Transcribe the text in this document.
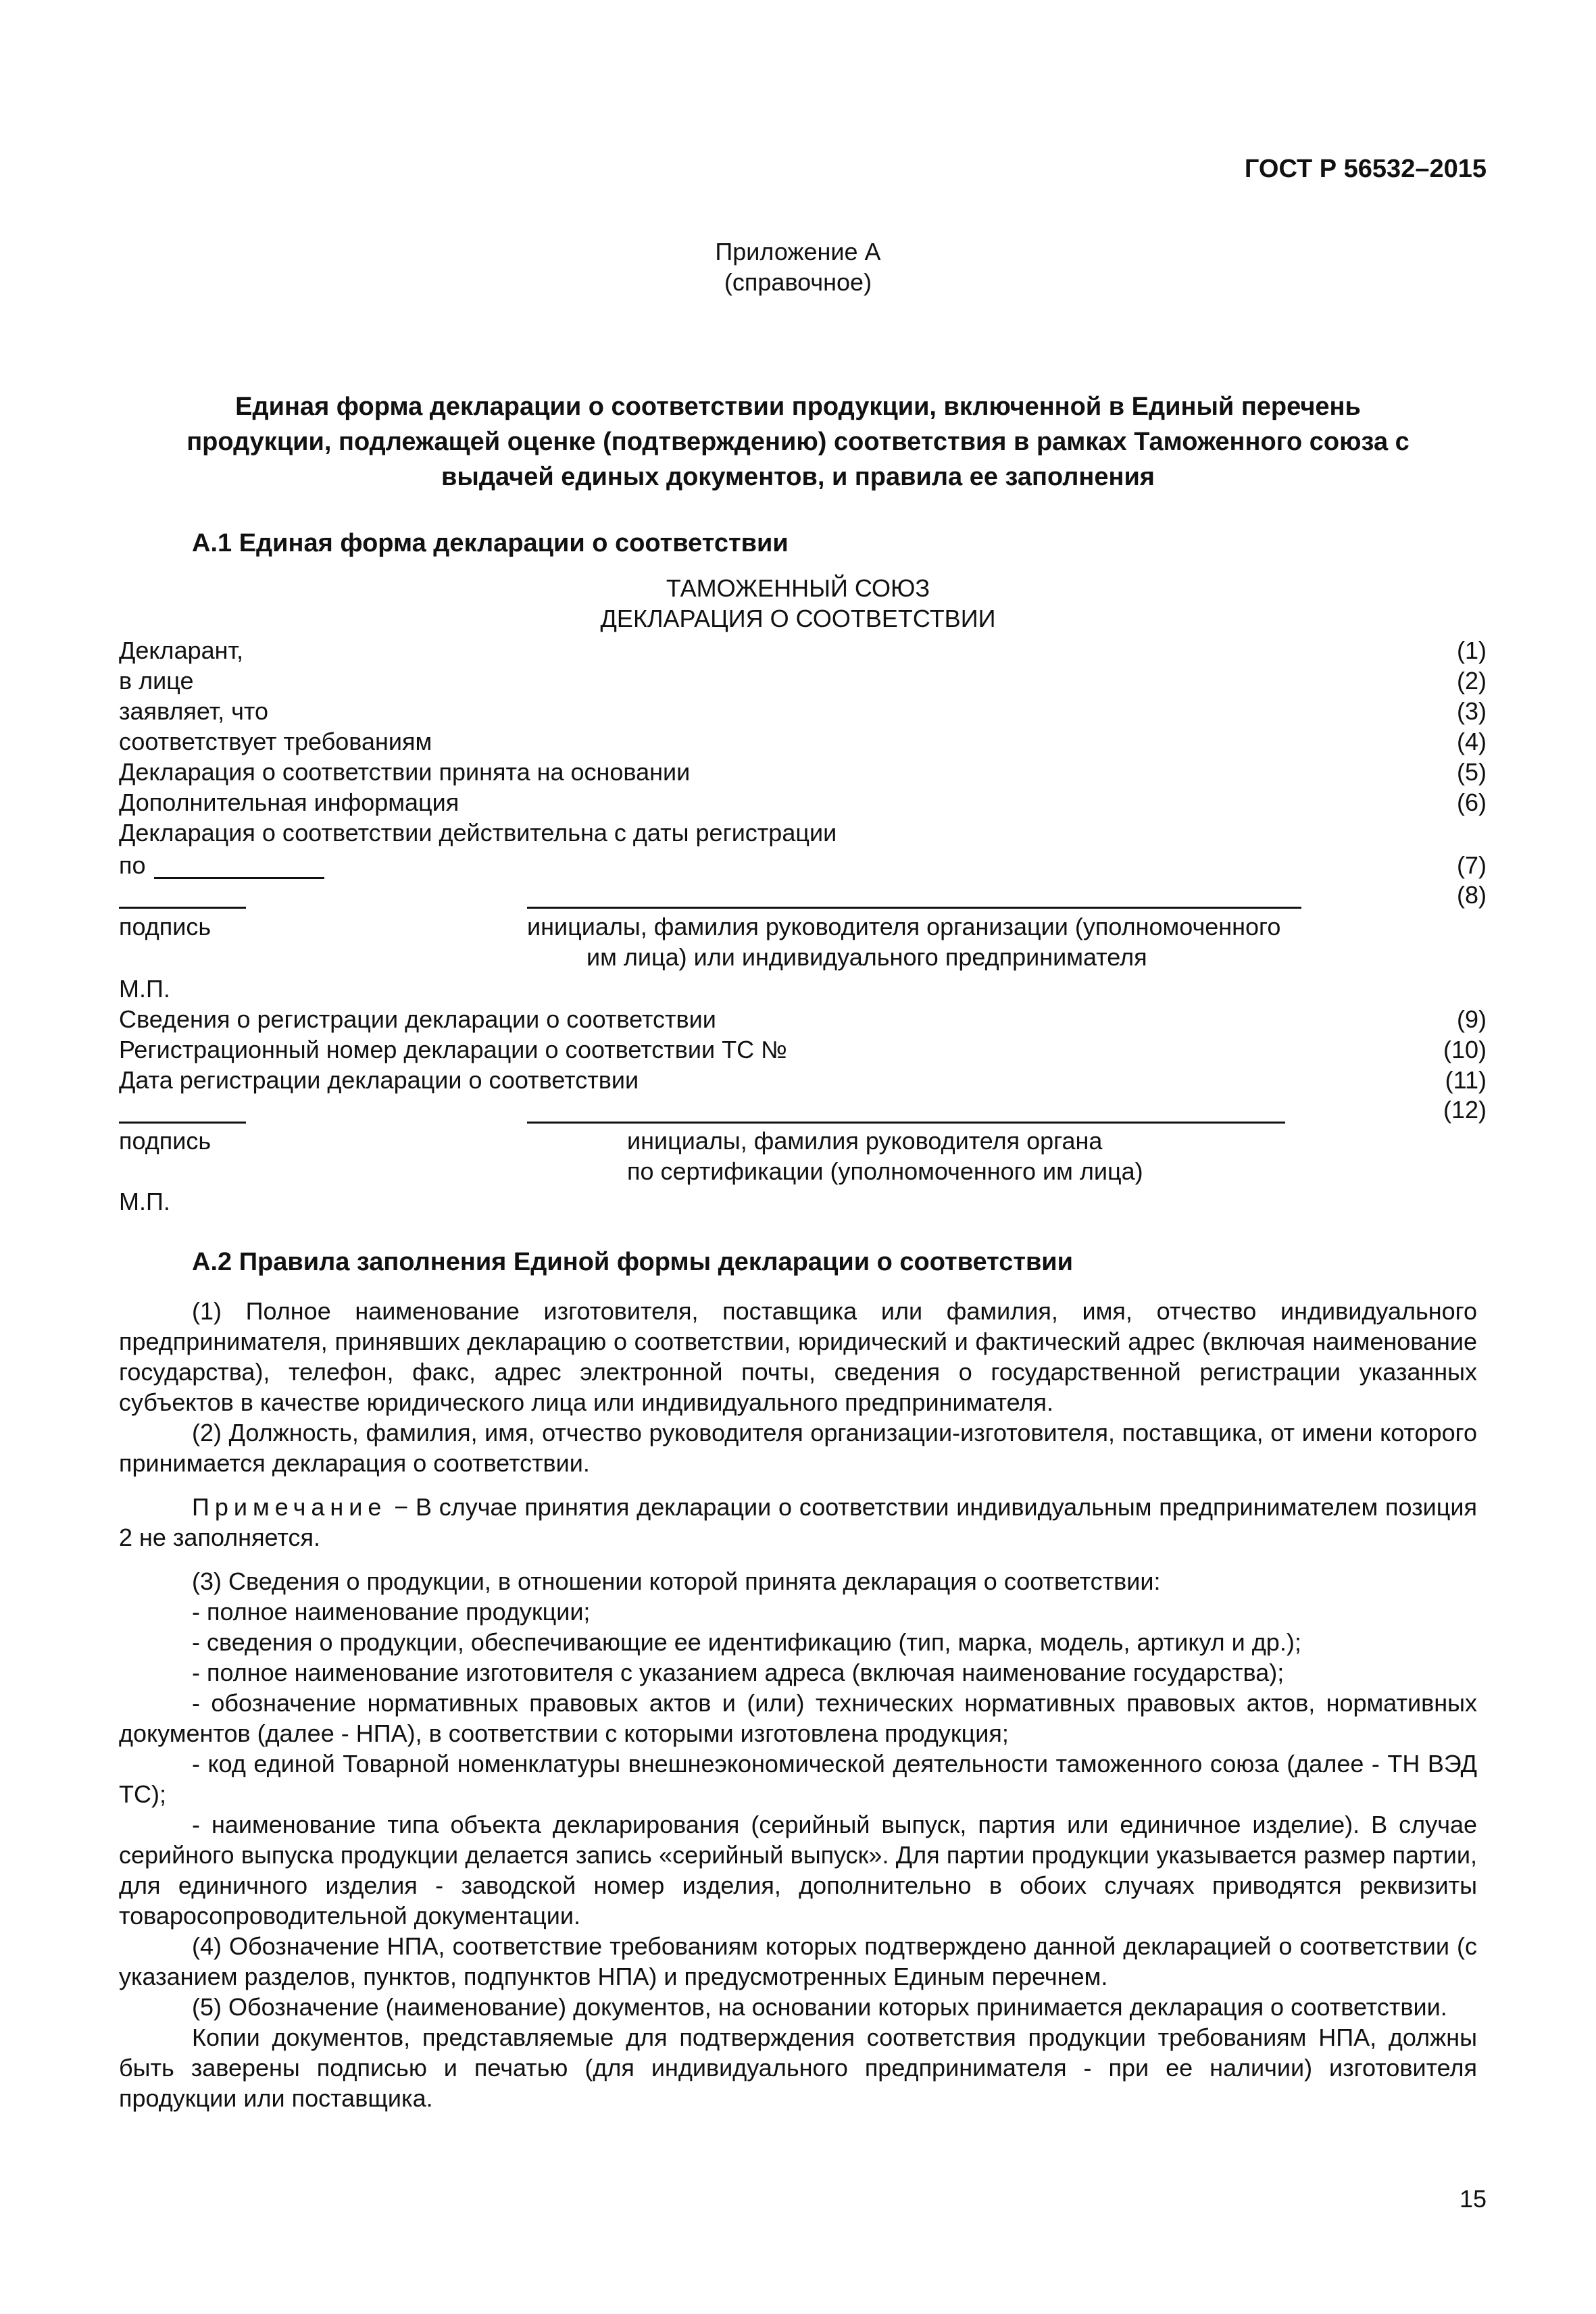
ГОСТ Р 56532–2015
Приложение А
(справочное)
Единая форма декларации о соответствии продукции, включенной в Единый перечень
продукции, подлежащей оценке (подтверждению) соответствия в рамках Таможенного союза с
выдачей единых документов, и правила ее заполнения
А.1 Единая форма декларации о соответствии
ТАМОЖЕННЫЙ СОЮЗ
ДЕКЛАРАЦИЯ О СООТВЕТСТВИИ
Декларант,	(1)
в лице	(2)
заявляет, что	(3)
соответствует требованиям	(4)
Декларация о соответствии принята на основании	(5)
Дополнительная информация	(6)
Декларация о соответствии действительна с даты регистрации
по	(7)
(8)
подпись	инициалы, фамилия руководителя организации (уполномоченного
им лица) или индивидуального предпринимателя
М.П.
Сведения о регистрации декларации о соответствии	(9)
Регистрационный номер декларации о соответствии ТС №	(10)
Дата регистрации декларации о соответствии	(11)
(12)
подпись	инициалы, фамилия руководителя органа
по сертификации (уполномоченного им лица)
М.П.
А.2 Правила заполнения Единой формы декларации о соответствии

(1) Полное наименование изготовителя, поставщика или фамилия, имя, отчество индивидуального предпринимателя, принявших декларацию о соответствии, юридический и фактический адрес (включая наименование государства), телефон, факс, адрес электронной почты, сведения о государственной регистрации указанных субъектов в качестве юридического лица или индивидуального предпринимателя.

(2) Должность, фамилия, имя, отчество руководителя организации-изготовителя, поставщика, от имени которого принимается декларация о соответствии.

Примечание − В случае принятия декларации о соответствии индивидуальным предпринимателем позиция 2 не заполняется.

(3) Сведения о продукции, в отношении которой принята декларация о соответствии:

- полное наименование продукции;

- сведения о продукции, обеспечивающие ее идентификацию (тип, марка, модель, артикул и др.);

- полное наименование изготовителя с указанием адреса (включая наименование государства);

- обозначение нормативных правовых актов и (или) технических нормативных правовых актов, нормативных документов (далее - НПА), в соответствии с которыми изготовлена продукция;

- код единой Товарной номенклатуры внешнеэкономической деятельности таможенного союза (далее - ТН ВЭД ТС);

- наименование типа объекта декларирования (серийный выпуск, партия или единичное изделие). В случае серийного выпуска продукции делается запись «серийный выпуск». Для партии продукции указывается размер партии, для единичного изделия - заводской номер изделия, дополнительно в обоих случаях приводятся реквизиты товаросопроводительной документации.

(4) Обозначение НПА, соответствие требованиям которых подтверждено данной декларацией о соответствии (с указанием разделов, пунктов, подпунктов НПА) и предусмотренных Единым перечнем.

(5) Обозначение (наименование) документов, на основании которых принимается декларация о соответствии.

Копии документов, представляемые для подтверждения соответствия продукции требованиям НПА, должны быть заверены подписью и печатью (для индивидуального предпринимателя - при ее наличии) изготовителя продукции или поставщика.

15
